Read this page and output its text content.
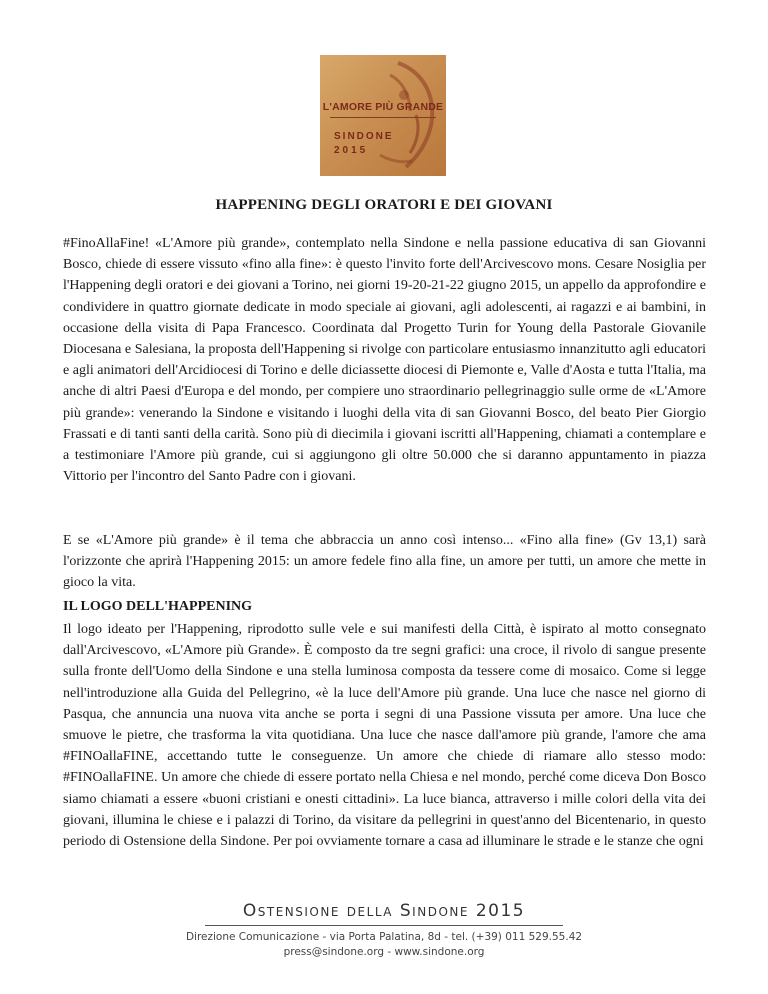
L'AMORE PIÙ GRANDE
SINDONE
2015
HAPPENING DEGLI ORATORI E DEI GIOVANI

#FinoAllaFine! «L'Amore più grande», contemplato nella Sindone e nella passione educativa di san Giovanni Bosco, chiede di essere vissuto «fino alla fine»: è questo l'invito forte dell'Arcivescovo mons. Cesare Nosiglia per l'Happening degli oratori e dei giovani a Torino, nei giorni 19-20-21-22 giugno 2015, un appello da approfondire e condividere in quattro giornate dedicate in modo speciale ai giovani, agli adolescenti, ai ragazzi e ai bambini, in occasione della visita di Papa Francesco. Coordinata dal Progetto Turin for Young della Pastorale Giovanile Diocesana e Salesiana, la proposta dell'Happening si rivolge con particolare entusiasmo innanzitutto agli educatori e agli animatori dell'Arcidiocesi di Torino e delle diciassette diocesi di Piemonte e, Valle d'Aosta e tutta l'Italia, ma anche di altri Paesi d'Europa e del mondo, per compiere uno straordinario pellegrinaggio sulle orme de «L'Amore più grande»: venerando la Sindone e visitando i luoghi della vita di san Giovanni Bosco, del beato Pier Giorgio Frassati e di tanti santi della carità. Sono più di diecimila i giovani iscritti all'Happening, chiamati a contemplare e a testimoniare l'Amore più grande, cui si aggiungono gli oltre 50.000 che si daranno appuntamento in piazza Vittorio per l'incontro del Santo Padre con i giovani.

E se «L'Amore più grande» è il tema che abbraccia un anno così intenso... «Fino alla fine» (Gv 13,1) sarà l'orizzonte che aprirà l'Happening 2015: un amore fedele fino alla fine, un amore per tutti, un amore che mette in gioco la vita.

IL LOGO DELL'HAPPENING

Il logo ideato per l'Happening, riprodotto sulle vele e sui manifesti della Città, è ispirato al motto consegnato dall'Arcivescovo, «L'Amore più Grande». È composto da tre segni grafici: una croce, il rivolo di sangue presente sulla fronte dell'Uomo della Sindone e una stella luminosa composta da tessere come di mosaico. Come si legge nell'introduzione alla Guida del Pellegrino, «è la luce dell'Amore più grande. Una luce che nasce nel giorno di Pasqua, che annuncia una nuova vita anche se porta i segni di una Passione vissuta per amore. Una luce che smuove le pietre, che trasforma la vita quotidiana. Una luce che nasce dall'amore più grande, l'amore che ama #FINOallaFINE, accettando tutte le conseguenze. Un amore che chiede di riamare allo stesso modo: #FINOallaFINE. Un amore che chiede di essere portato nella Chiesa e nel mondo, perché come diceva Don Bosco siamo chiamati a essere «buoni cristiani e onesti cittadini». La luce bianca, attraverso i mille colori della vita dei giovani, illumina le chiese e i palazzi di Torino, da visitare da pellegrini in quest'anno del Bicentenario, in questo periodo di Ostensione della Sindone. Per poi ovviamente tornare a casa ad illuminare le strade e le stanze che ogni

Ostensione della Sindone 2015
Direzione Comunicazione - via Porta Palatina, 8d - tel. (+39) 011 529.55.42
press@sindone.org - www.sindone.org
